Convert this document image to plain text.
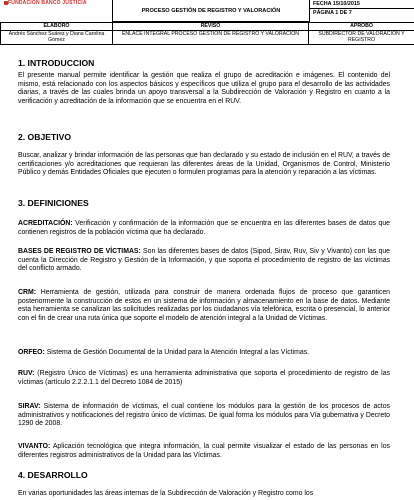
FUNDACIÓN BANCO JUSTICIA
PROCESO GESTIÓN DE REGISTRO Y VALORACIÓN
FECHA 15/10/2015
PÁGINA 1 DE 7
ELABORÓ	REVISÓ	APROBÓ
Andrés Sánchez Suárez y Diana Carolina Gómez	ENLACE INTEGRAL PROCESO GESTIÓN DE REGISTRO Y VALORACIÓN	SUBDIRECTOR DE VALORACIÓN Y REGISTRO
1. INTRODUCCION
El presente manual permite identificar la gestión que realiza el grupo de acreditación e imágenes. El contenido del mismo, está relacionado con los aspectos básicos y específicos que utiliza el grupo para el desarrollo de las actividades diarias, a través de las cuales brinda un apoyo transversal a la Subdirección de Valoración y Registro en cuanto a la verificación y acreditación de la información que se encuentra en el RUV.
2. OBJETIVO
Buscar, analizar y brindar información de las personas que han declarado y su estado de inclusión en el RUV, a través de certificaciones y/o acreditaciones que requieran las diferentes áreas de la Unidad, Organismos de Control, Ministerio Público y demás Entidades Oficiales que ejecuten o formulen programas para la atención y reparación a las víctimas.
3. DEFINICIONES
ACREDITACIÓN: Verificación y confirmación de la información que se encuentra en las diferentes bases de datos que contienen registros de la población víctima que ha declarado.
BASES DE REGISTRO DE VÍCTIMAS: Son las diferentes bases de datos (Sipod, Sirav, Ruv, Siv y Vivanto) con las que cuenta la Dirección de Registro y Gestión de la Información, y que soporta el procedimiento de registro de las víctimas del conflicto armado.
CRM: Herramienta de gestión, utilizada para construir de manera ordenada flujos de proceso que garanticen posteriormente la construcción de estos en un sistema de información y almacenamiento en la base de datos. Mediante esta herramienta se canalizan las solicitudes realizadas por los ciudadanos vía telefónica, escrita o presencial, lo anterior con el fin de crear una ruta única que soporte el modelo de atención integral a la Unidad de Víctimas.
ORFEO: Sistema de Gestión Documental de la Unidad para la Atención Integral a las Víctimas.
RUV: (Registro Único de Víctimas) es una herramienta administrativa que soporta el procedimiento de registro de las víctimas (artículo 2.2.2.1.1 del Decreto 1084 de 2015)
SIRAV: Sistema de información de víctimas, el cual contiene los módulos para la gestión de los procesos de actos administrativos y notificaciones del registro único de víctimas. De igual forma los módulos para Vía gubernativa y Decreto 1290 de 2008.
VIVANTO: Aplicación tecnológica que integra información, la cual permite visualizar el estado de las personas en los diferentes registros administrativos de la Unidad para las Víctimas.
4. DESARROLLO
En varias oportunidades las áreas internas de la Subdirección de Valoración y Registro como los
